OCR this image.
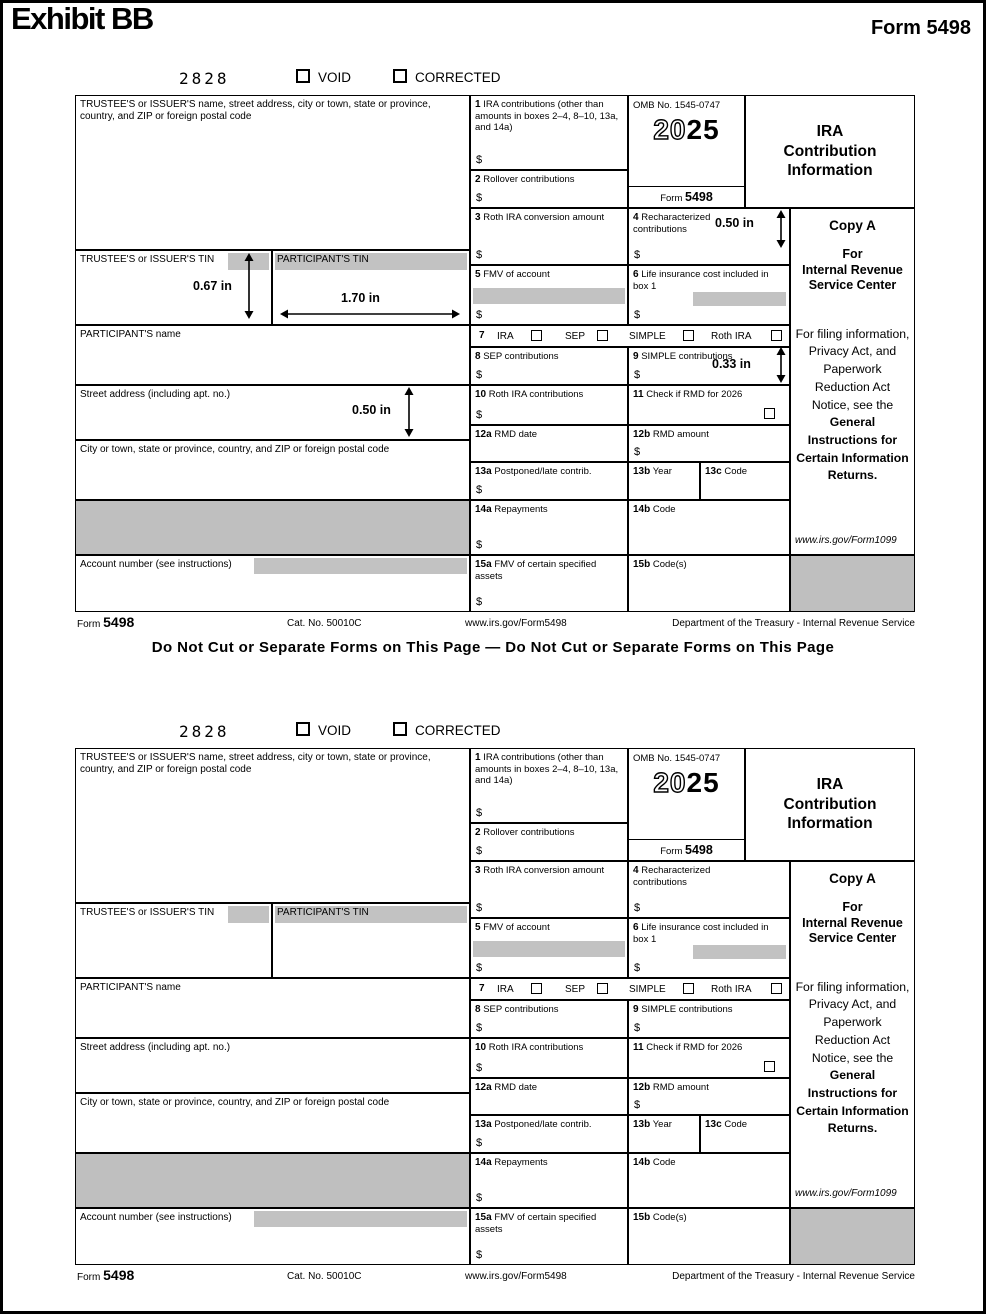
Exhibit BB	Form 5498
2828	VOID	CORRECTED
TRUSTEE'S or ISSUER'S name, street address, city or town, state or province, country, and ZIP or foreign postal code
TRUSTEE'S or ISSUER'S TIN	PARTICIPANT'S TIN
PARTICIPANT'S name
Street address (including apt. no.)
City or town, state or province, country, and ZIP or foreign postal code
Account number (see instructions)
1 IRA contributions (other than amounts in boxes 2–4, 8–10, 13a, and 14a)
$
2 Rollover contributions
$
OMB No. 1545-0747
2025
Form 5498
IRA
Contribution
Information
3 Roth IRA conversion amount
$
4 Recharacterized contributions
$
Copy A
For
Internal Revenue
Service Center
For filing information, Privacy Act, and Paperwork Reduction Act Notice, see the General Instructions for Certain Information Returns.
www.irs.gov/Form1099
5 FMV of account
$
6 Life insurance cost included in box 1
$
7 IRA	SEP	SIMPLE	Roth IRA
8 SEP contributions
$
9 SIMPLE contributions
$
10 Roth IRA contributions
$
11 Check if RMD for 2026
12a RMD date	12b RMD amount
$
13a Postponed/late contrib.
$
13b Year	13c Code
14a Repayments
$
14b Code
15a FMV of certain specified assets
$
15b Code(s)
0.50 in
0.67 in
1.70 in
0.33 in
0.50 in
Form 5498	Cat. No. 50010C	www.irs.gov/Form5498	Department of the Treasury - Internal Revenue Service
Do Not Cut or Separate Forms on This Page — Do Not Cut or Separate Forms on This Page
2828	VOID	CORRECTED
TRUSTEE'S or ISSUER'S name, street address, city or town, state or province, country, and ZIP or foreign postal code
TRUSTEE'S or ISSUER'S TIN	PARTICIPANT'S TIN
PARTICIPANT'S name
Street address (including apt. no.)
City or town, state or province, country, and ZIP or foreign postal code
Account number (see instructions)
1 IRA contributions (other than amounts in boxes 2–4, 8–10, 13a, and 14a)
$
2 Rollover contributions
$
OMB No. 1545-0747
2025
Form 5498
IRA
Contribution
Information
3 Roth IRA conversion amount
$
4 Recharacterized contributions
$
Copy A
For
Internal Revenue
Service Center
For filing information, Privacy Act, and Paperwork Reduction Act Notice, see the General Instructions for Certain Information Returns.
www.irs.gov/Form1099
5 FMV of account
$
6 Life insurance cost included in box 1
$
7 IRA	SEP	SIMPLE	Roth IRA
8 SEP contributions
$
9 SIMPLE contributions
$
10 Roth IRA contributions
$
11 Check if RMD for 2026
12a RMD date	12b RMD amount
$
13a Postponed/late contrib.
$
13b Year	13c Code
14a Repayments
$
14b Code
15a FMV of certain specified assets
$
15b Code(s)
Form 5498	Cat. No. 50010C	www.irs.gov/Form5498	Department of the Treasury - Internal Revenue Service
